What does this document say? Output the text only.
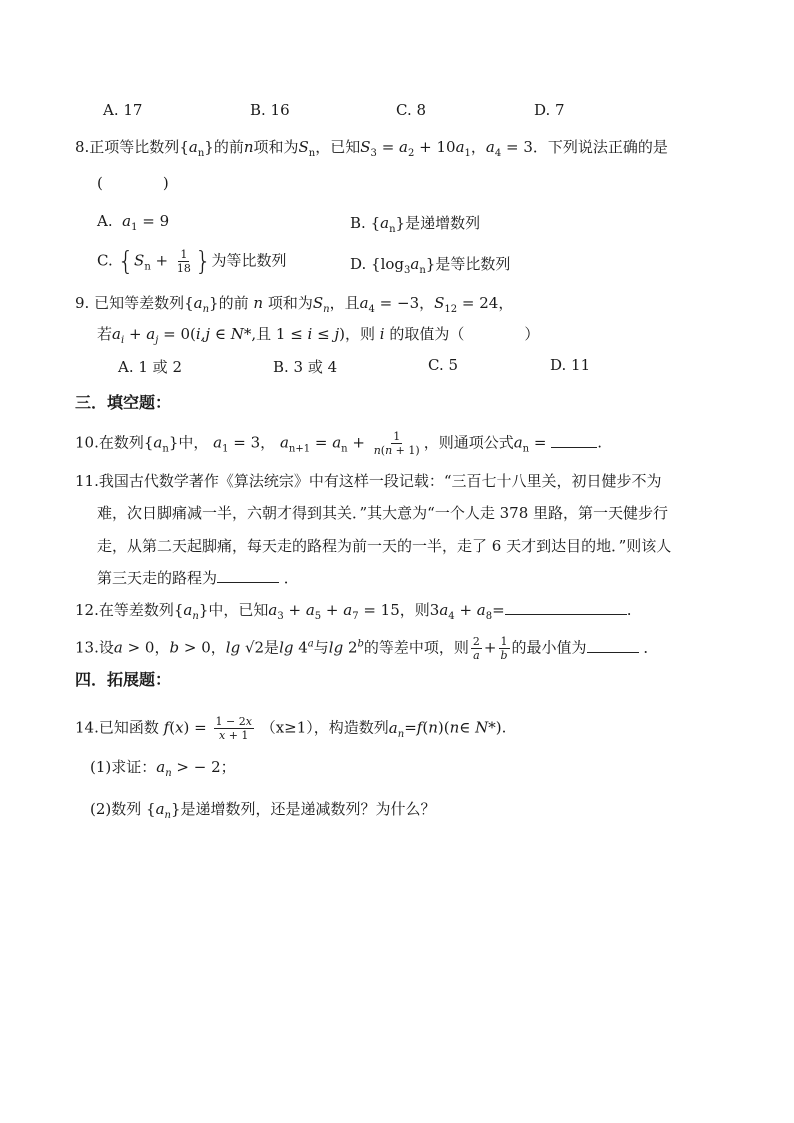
A. 17	B. 16	C. 8	D. 7
8.正项等比数列$\{a_n\}$的前n项和为$S_n$，已知$S_3 = a_2 + 10a_1$，$a_4 = 3$．下列说法正确的是
(　　　　)
A. $a_1 = 9$	B. $\{a_n\}$是递增数列
C. {$S_n + \frac{1}{18}$ }为等比数列	D. $\{\log_3a_n\}$是等比数列
9. 已知等差数列$\{a_n\}$的前 n 项和为$S_n$，且$a_4 = -3$，$S_{12} = 24$，
若$a_i + a_j = 0(i,j$ ∈ N*,且 1 ≤ i ≤ j)，则 i 的取值为（　　　　）
A. 1 或 2	B. 3 或 4	C. 5	D. 11
三．填空题：
10.在数列$\{a_n\}$中， $a_1 = 3$， $a_{n+1} = a_n + \frac{1}{n(n + 1)}$ ，则通项公式$a_n$ =	.
11.我国古代数学著作《算法统宗》中有这样一段记载：“三百七十八里关，初日健步不为
难，次日脚痛减一半，六朝才得到其关．”其大意为“一个人走 378 里路，第一天健步行
走，从第二天起脚痛，每天走的路程为前一天的一半，走了 6 天才到达目的地．”则该人
第三天走的路程为	．
12.在等差数列$\{a_n\}$中，已知$a_3 + a_5 + a_7 = 15$，则$3a_4 + a_8=$	.
13.设a > 0，b > 0，lg √2是lg 4$^a$与lg 2$^b$的等差中项，则 $\frac{2}{a} + \frac{1}{b}$ 的最小值为	．
四．拓展题：
14.已知函数 $f(x) = \frac{1 - 2x}{x + 1} (x\ge 1)$，构造数列$a_n=f(n)(n\in$ N*).
(1)求证：$a_n$ > − 2；
(2)数列 $\{a_n\}$是递增数列，还是递减数列？为什么？
